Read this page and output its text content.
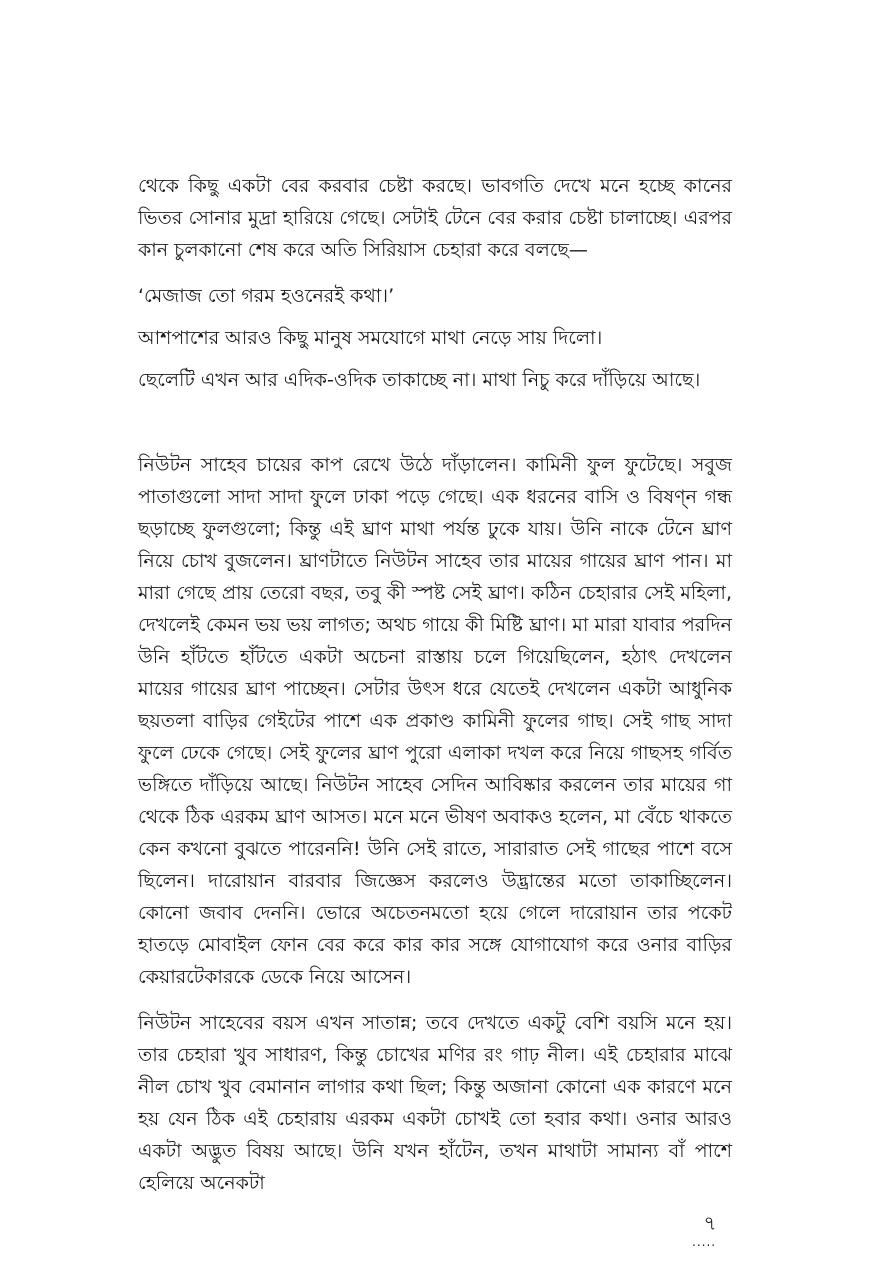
থেকে কিছু একটা বের করবার চেষ্টা করছে। ভাবগতি দেখে মনে হচ্ছে কানের ভিতর সোনার মুদ্রা হারিয়ে গেছে। সেটাই টেনে বের করার চেষ্টা চালাচ্ছে। এরপর কান চুলকানো শেষ করে অতি সিরিয়াস চেহারা করে বলছে—

‘মেজাজ তো গরম হওনেরই কথা।’

আশপাশের আরও কিছু মানুষ সমযোগে মাথা নেড়ে সায় দিলো।

ছেলেটি এখন আর এদিক-ওদিক তাকাচ্ছে না। মাথা নিচু করে দাঁড়িয়ে আছে।

নিউটন সাহেব চায়ের কাপ রেখে উঠে দাঁড়ালেন। কামিনী ফুল ফুটেছে। সবুজ পাতাগুলো সাদা সাদা ফুলে ঢাকা পড়ে গেছে। এক ধরনের বাসি ও বিষণ্ন গন্ধ ছড়াচ্ছে ফুলগুলো; কিন্তু এই ঘ্রাণ মাথা পর্যন্ত ঢুকে যায়। উনি নাকে টেনে ঘ্রাণ নিয়ে চোখ বুজলেন। ঘ্রাণটাতে নিউটন সাহেব তার মায়ের গায়ের ঘ্রাণ পান। মা মারা গেছে প্রায় তেরো বছর, তবু কী স্পষ্ট সেই ঘ্রাণ। কঠিন চেহারার সেই মহিলা, দেখলেই কেমন ভয় ভয় লাগত; অথচ গায়ে কী মিষ্টি ঘ্রাণ। মা মারা যাবার পরদিন উনি হাঁটতে হাঁটতে একটা অচেনা রাস্তায় চলে গিয়েছিলেন, হঠাৎ দেখলেন মায়ের গায়ের ঘ্রাণ পাচ্ছেন। সেটার উৎস ধরে যেতেই দেখলেন একটা আধুনিক ছয়তলা বাড়ির গেইটের পাশে এক প্রকাণ্ড কামিনী ফুলের গাছ। সেই গাছ সাদা ফুলে ঢেকে গেছে। সেই ফুলের ঘ্রাণ পুরো এলাকা দখল করে নিয়ে গাছসহ গর্বিত ভঙ্গিতে দাঁড়িয়ে আছে। নিউটন সাহেব সেদিন আবিষ্কার করলেন তার মায়ের গা থেকে ঠিক এরকম ঘ্রাণ আসত। মনে মনে ভীষণ অবাকও হলেন, মা বেঁচে থাকতে কেন কখনো বুঝতে পারেননি! উনি সেই রাতে, সারারাত সেই গাছের পাশে বসে ছিলেন। দারোয়ান বারবার জিজ্ঞেস করলেও উদ্ভ্রান্তের মতো তাকাচ্ছিলেন। কোনো জবাব দেননি। ভোরে অচেতনমতো হয়ে গেলে দারোয়ান তার পকেট হাতড়ে মোবাইল ফোন বের করে কার কার সঙ্গে যোগাযোগ করে ওনার বাড়ির কেয়ারটেকারকে ডেকে নিয়ে আসেন।

নিউটন সাহেবের বয়স এখন সাতান্ন; তবে দেখতে একটু বেশি বয়সি মনে হয়। তার চেহারা খুব সাধারণ, কিন্তু চোখের মণির রং গাঢ় নীল। এই চেহারার মাঝে নীল চোখ খুব বেমানান লাগার কথা ছিল; কিন্তু অজানা কোনো এক কারণে মনে হয় যেন ঠিক এই চেহারায় এরকম একটা চোখই তো হবার কথা। ওনার আরও একটা অদ্ভুত বিষয় আছে। উনি যখন হাঁটেন, তখন মাথাটা সামান্য বাঁ পাশে হেলিয়ে অনেকটা

৭
.....
